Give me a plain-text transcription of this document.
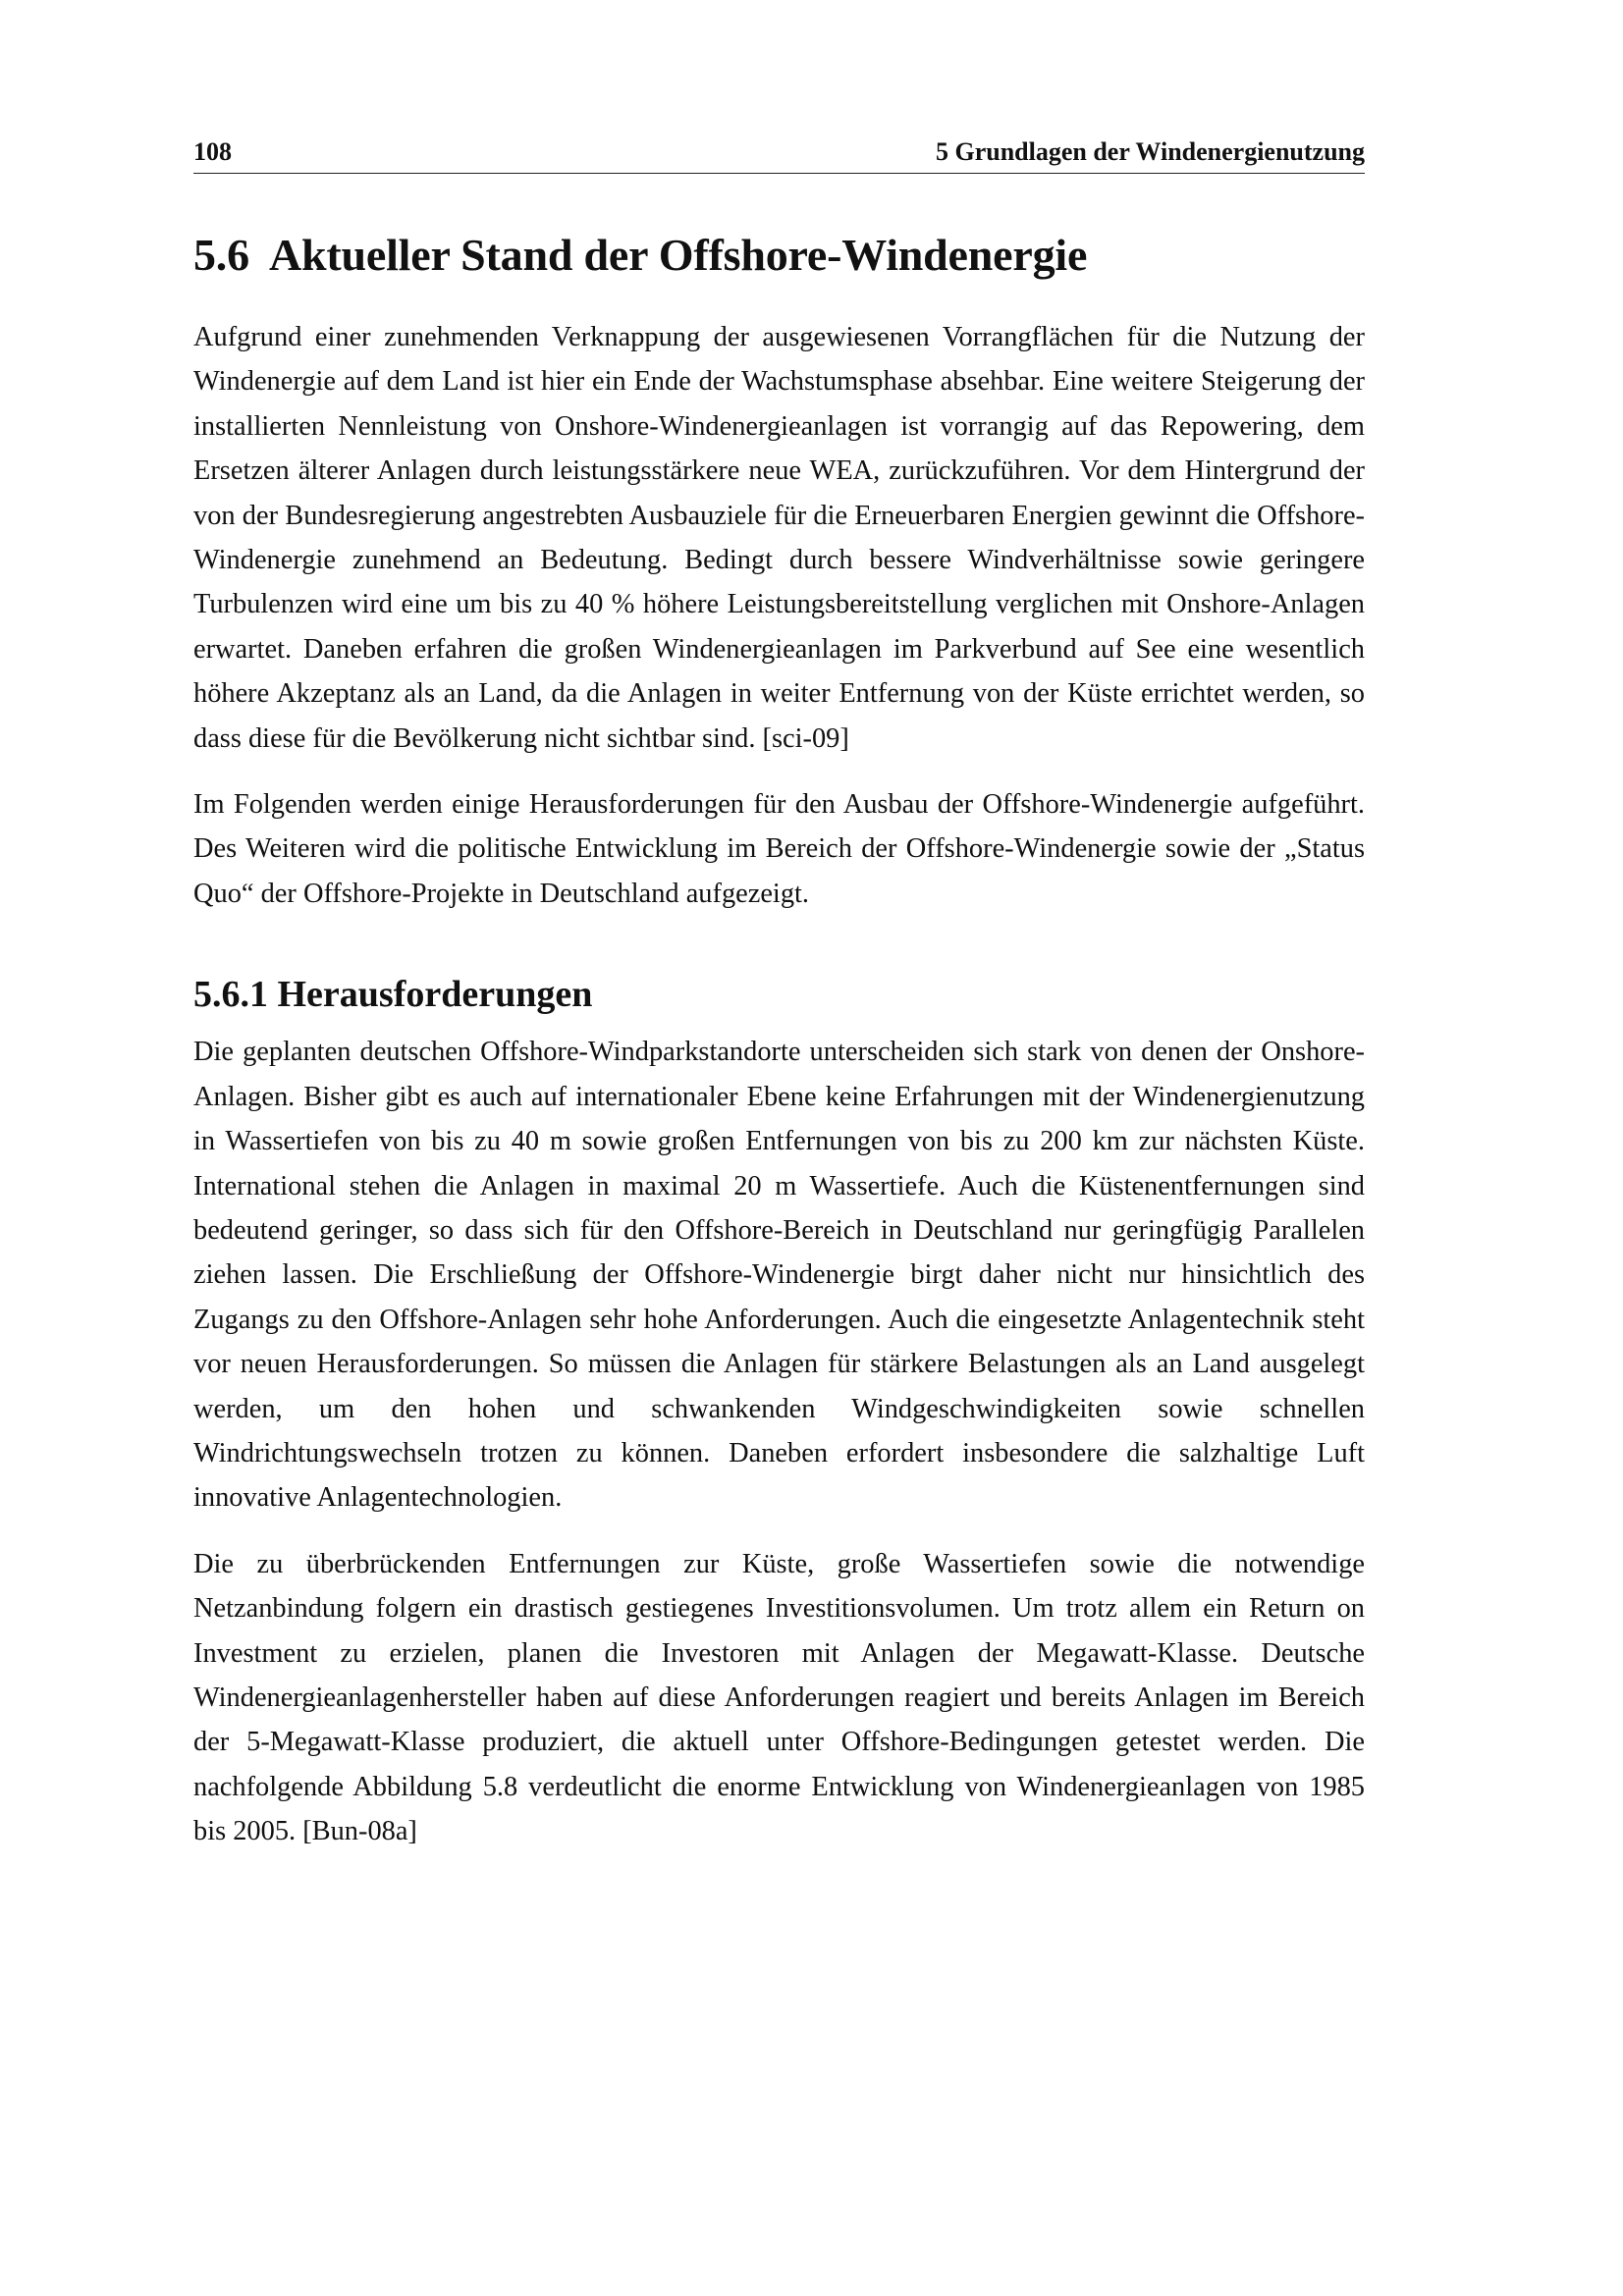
108	5 Grundlagen der Windenergienutzung
5.6  Aktueller Stand der Offshore-Windenergie

Aufgrund einer zunehmenden Verknappung der ausgewiesenen Vorrangflächen für die Nutzung der Windenergie auf dem Land ist hier ein Ende der Wachstumsphase absehbar. Eine weitere Steigerung der installierten Nennleistung von Onshore-Windenergieanlagen ist vorrangig auf das Repowering, dem Ersetzen älterer Anlagen durch leistungsstärkere neue WEA, zurückzuführen. Vor dem Hintergrund der von der Bundesregierung angestrebten Ausbauziele für die Erneuerbaren Energien gewinnt die Offshore-Windenergie zunehmend an Bedeutung. Bedingt durch bessere Windverhältnisse sowie geringere Turbulenzen wird eine um bis zu 40 % höhere Leistungsbereitstellung verglichen mit Onshore-Anlagen erwartet. Daneben erfahren die großen Windenergieanlagen im Parkverbund auf See eine wesentlich höhere Akzeptanz als an Land, da die Anlagen in weiter Entfernung von der Küste errichtet werden, so dass diese für die Bevölkerung nicht sichtbar sind. [sci-09]

Im Folgenden werden einige Herausforderungen für den Ausbau der Offshore-Windenergie aufgeführt. Des Weiteren wird die politische Entwicklung im Bereich der Offshore-Windenergie sowie der „Status Quo“ der Offshore-Projekte in Deutschland aufgezeigt.

5.6.1 Herausforderungen

Die geplanten deutschen Offshore-Windparkstandorte unterscheiden sich stark von denen der Onshore-Anlagen. Bisher gibt es auch auf internationaler Ebene keine Erfahrungen mit der Windenergienutzung in Wassertiefen von bis zu 40 m sowie großen Entfernungen von bis zu 200 km zur nächsten Küste. International stehen die Anlagen in maximal 20 m Wassertiefe. Auch die Küstenentfernungen sind bedeutend geringer, so dass sich für den Offshore-Bereich in Deutschland nur geringfügig Parallelen ziehen lassen. Die Erschließung der Offshore-Windenergie birgt daher nicht nur hinsichtlich des Zugangs zu den Offshore-Anlagen sehr hohe Anforderungen. Auch die eingesetzte Anlagentechnik steht vor neuen Herausforderungen. So müssen die Anlagen für stärkere Belastungen als an Land ausgelegt werden, um den hohen und schwankenden Windgeschwindigkeiten sowie schnellen Windrichtungswechseln trotzen zu können. Daneben erfordert insbesondere die salzhaltige Luft innovative Anlagentechnologien.

Die zu überbrückenden Entfernungen zur Küste, große Wassertiefen sowie die notwendige Netzanbindung folgern ein drastisch gestiegenes Investitionsvolumen. Um trotz allem ein Return on Investment zu erzielen, planen die Investoren mit Anlagen der Megawatt-Klasse. Deutsche Windenergieanlagenhersteller haben auf diese Anforderungen reagiert und bereits Anlagen im Bereich der 5-Megawatt-Klasse produziert, die aktuell unter Offshore-Bedingungen getestet werden. Die nachfolgende Abbildung 5.8 verdeutlicht die enorme Entwicklung von Windenergieanlagen von 1985 bis 2005. [Bun-08a]
